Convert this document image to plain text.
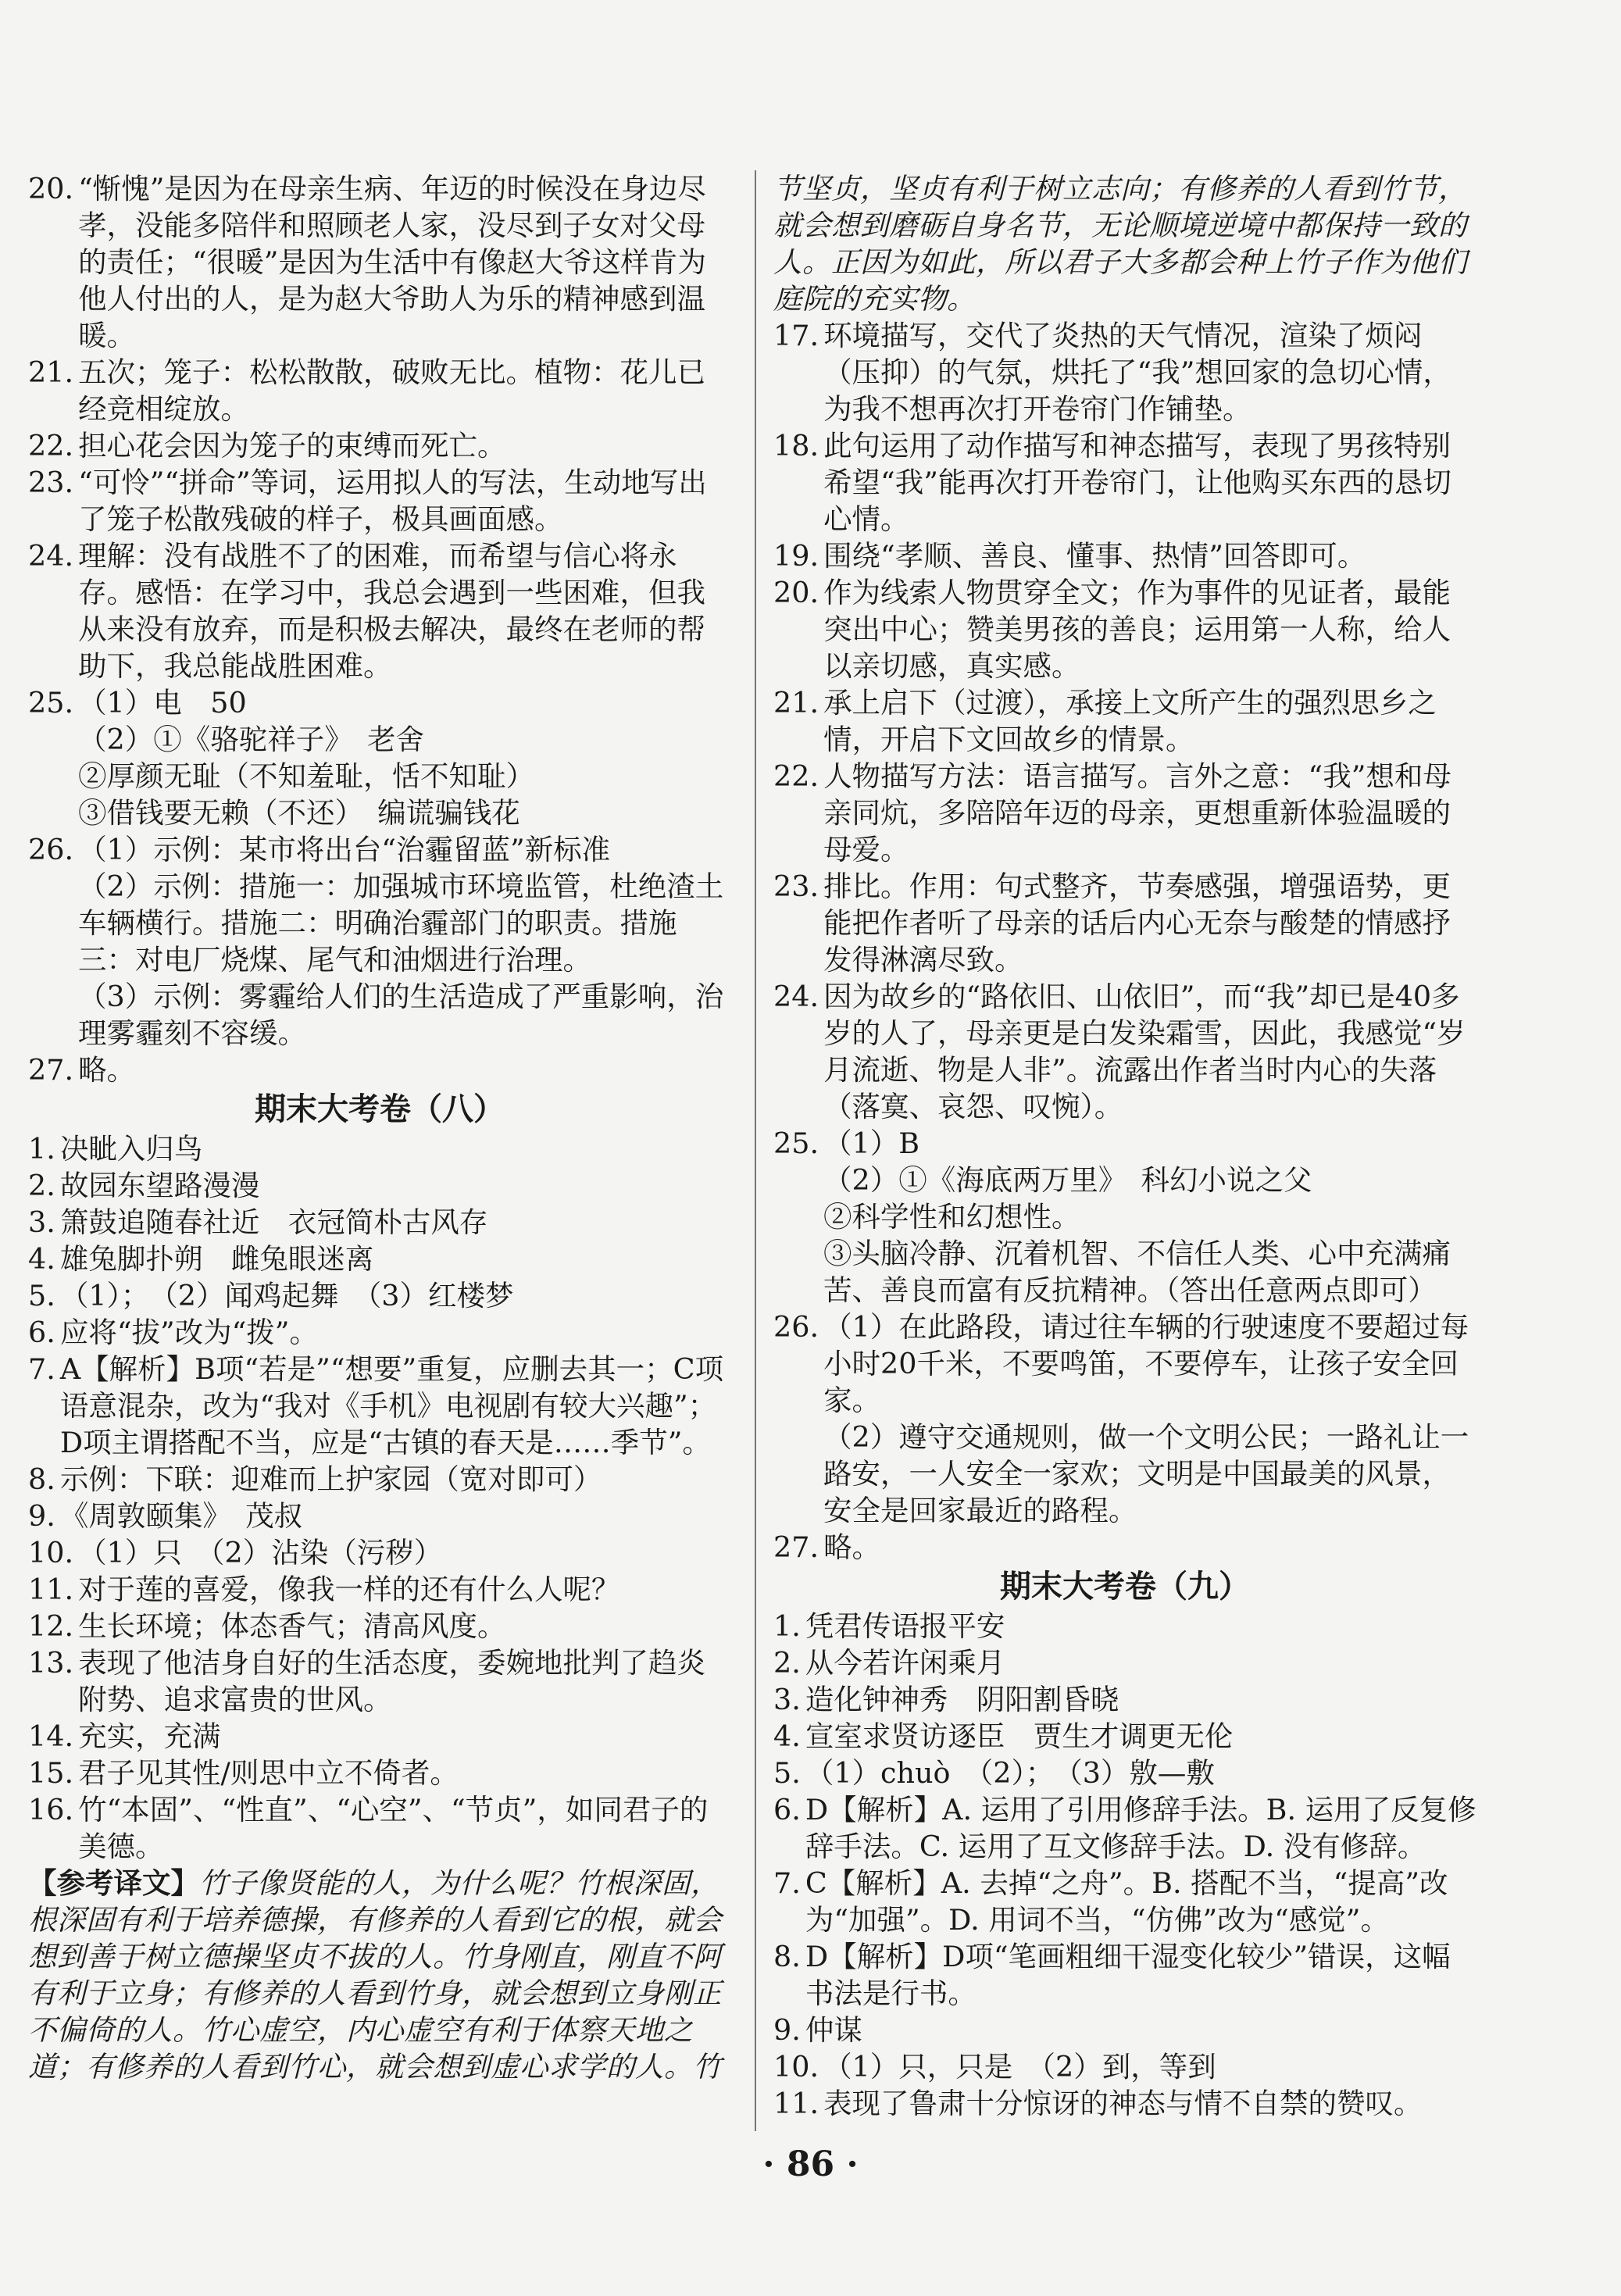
20. “惭愧”是因为在母亲生病、年迈的时候没在身边尽孝，没能多陪伴和照顾老人家，没尽到子女对父母的责任；“很暖”是因为生活中有像赵大爷这样肯为他人付出的人，是为赵大爷助人为乐的精神感到温暖。
21. 五次；笼子：松松散散，破败无比。植物：花儿已经竞相绽放。
22. 担心花会因为笼子的束缚而死亡。
23. “可怜”“拼命”等词，运用拟人的写法，生动地写出了笼子松散残破的样子，极具画面感。
24. 理解：没有战胜不了的困难，而希望与信心将永存。感悟：在学习中，我总会遇到一些困难，但我从来没有放弃，而是积极去解决，最终在老师的帮助下，我总能战胜困难。
25. （1）电　50
（2）①《骆驼祥子》　老舍
②厚颜无耻（不知羞耻，恬不知耻）
③借钱要无赖（不还）　编谎骗钱花
26. （1）示例：某市将出台“治霾留蓝”新标准
（2）示例：措施一：加强城市环境监管，杜绝渣土车辆横行。措施二：明确治霾部门的职责。措施三：对电厂烧煤、尾气和油烟进行治理。
（3）示例：雾霾给人们的生活造成了严重影响，治理雾霾刻不容缓。
27. 略。
期末大考卷（八）
1. 决眦入归鸟
2. 故园东望路漫漫
3. 箫鼓追随春社近　衣冠简朴古风存
4. 雄兔脚扑朔　雌兔眼迷离
5. （1）；　（2）闻鸡起舞　（3）红楼梦
6. 应将“拔”改为“拨”。
7. A【解析】B项“若是”“想要”重复，应删去其一；C项语意混杂，改为“我对《手机》电视剧有较大兴趣”；D项主谓搭配不当，应是“古镇的春天是……季节”。
8. 示例：下联：迎难而上护家园（宽对即可）
9. 《周敦颐集》　茂叔
10. （1）只　（2）沾染（污秽）
11. 对于莲的喜爱，像我一样的还有什么人呢？
12. 生长环境；体态香气；清高风度。
13. 表现了他洁身自好的生活态度，委婉地批判了趋炎附势、追求富贵的世风。
14. 充实，充满
15. 君子见其性/则思中立不倚者。
16. 竹“本固”、“性直”、“心空”、“节贞”，如同君子的美德。
【参考译文】竹子像贤能的人，为什么呢？竹根深固，根深固有利于培养德操，有修养的人看到它的根，就会想到善于树立德操坚贞不拔的人。竹身刚直，刚直不阿有利于立身；有修养的人看到竹身，就会想到立身刚正不偏倚的人。竹心虚空，内心虚空有利于体察天地之道；有修养的人看到竹心，就会想到虚心求学的人。竹
节坚贞，坚贞有利于树立志向；有修养的人看到竹节，就会想到磨砺自身名节，无论顺境逆境中都保持一致的人。正因为如此，所以君子大多都会种上竹子作为他们庭院的充实物。
17. 环境描写，交代了炎热的天气情况，渲染了烦闷（压抑）的气氛，烘托了“我”想回家的急切心情，为我不想再次打开卷帘门作铺垫。
18. 此句运用了动作描写和神态描写，表现了男孩特别希望“我”能再次打开卷帘门，让他购买东西的恳切心情。
19. 围绕“孝顺、善良、懂事、热情”回答即可。
20. 作为线索人物贯穿全文；作为事件的见证者，最能突出中心；赞美男孩的善良；运用第一人称，给人以亲切感，真实感。
21. 承上启下（过渡），承接上文所产生的强烈思乡之情，开启下文回故乡的情景。
22. 人物描写方法：语言描写。言外之意：“我”想和母亲同炕，多陪陪年迈的母亲，更想重新体验温暖的母爱。
23. 排比。作用：句式整齐，节奏感强，增强语势，更能把作者听了母亲的话后内心无奈与酸楚的情感抒发得淋漓尽致。
24. 因为故乡的“路依旧、山依旧”，而“我”却已是40多岁的人了，母亲更是白发染霜雪，因此，我感觉“岁月流逝、物是人非”。流露出作者当时内心的失落（落寞、哀怨、叹惋）。
25. （1）B
（2）①《海底两万里》　科幻小说之父
②科学性和幻想性。
③头脑冷静、沉着机智、不信任人类、心中充满痛苦、善良而富有反抗精神。（答出任意两点即可）
26. （1）在此路段，请过往车辆的行驶速度不要超过每小时20千米，不要鸣笛，不要停车，让孩子安全回家。
（2）遵守交通规则，做一个文明公民；一路礼让一路安，一人安全一家欢；文明是中国最美的风景，安全是回家最近的路程。
27. 略。
期末大考卷（九）
1. 凭君传语报平安
2. 从今若许闲乘月
3. 造化钟神秀　阴阳割昏晓
4. 宣室求贤访逐臣　贾生才调更无伦
5. （1）chuò　（2）；　（3）敫—敷
6. D【解析】A. 运用了引用修辞手法。B. 运用了反复修辞手法。C. 运用了互文修辞手法。D. 没有修辞。
7. C【解析】A. 去掉“之舟”。B. 搭配不当，“提高”改为“加强”。D. 用词不当，“仿佛”改为“感觉”。
8. D【解析】D项“笔画粗细干湿变化较少”错误，这幅书法是行书。
9. 仲谋
10. （1）只，只是　（2）到，等到
11. 表现了鲁肃十分惊讶的神态与情不自禁的赞叹。
· 86 ·
